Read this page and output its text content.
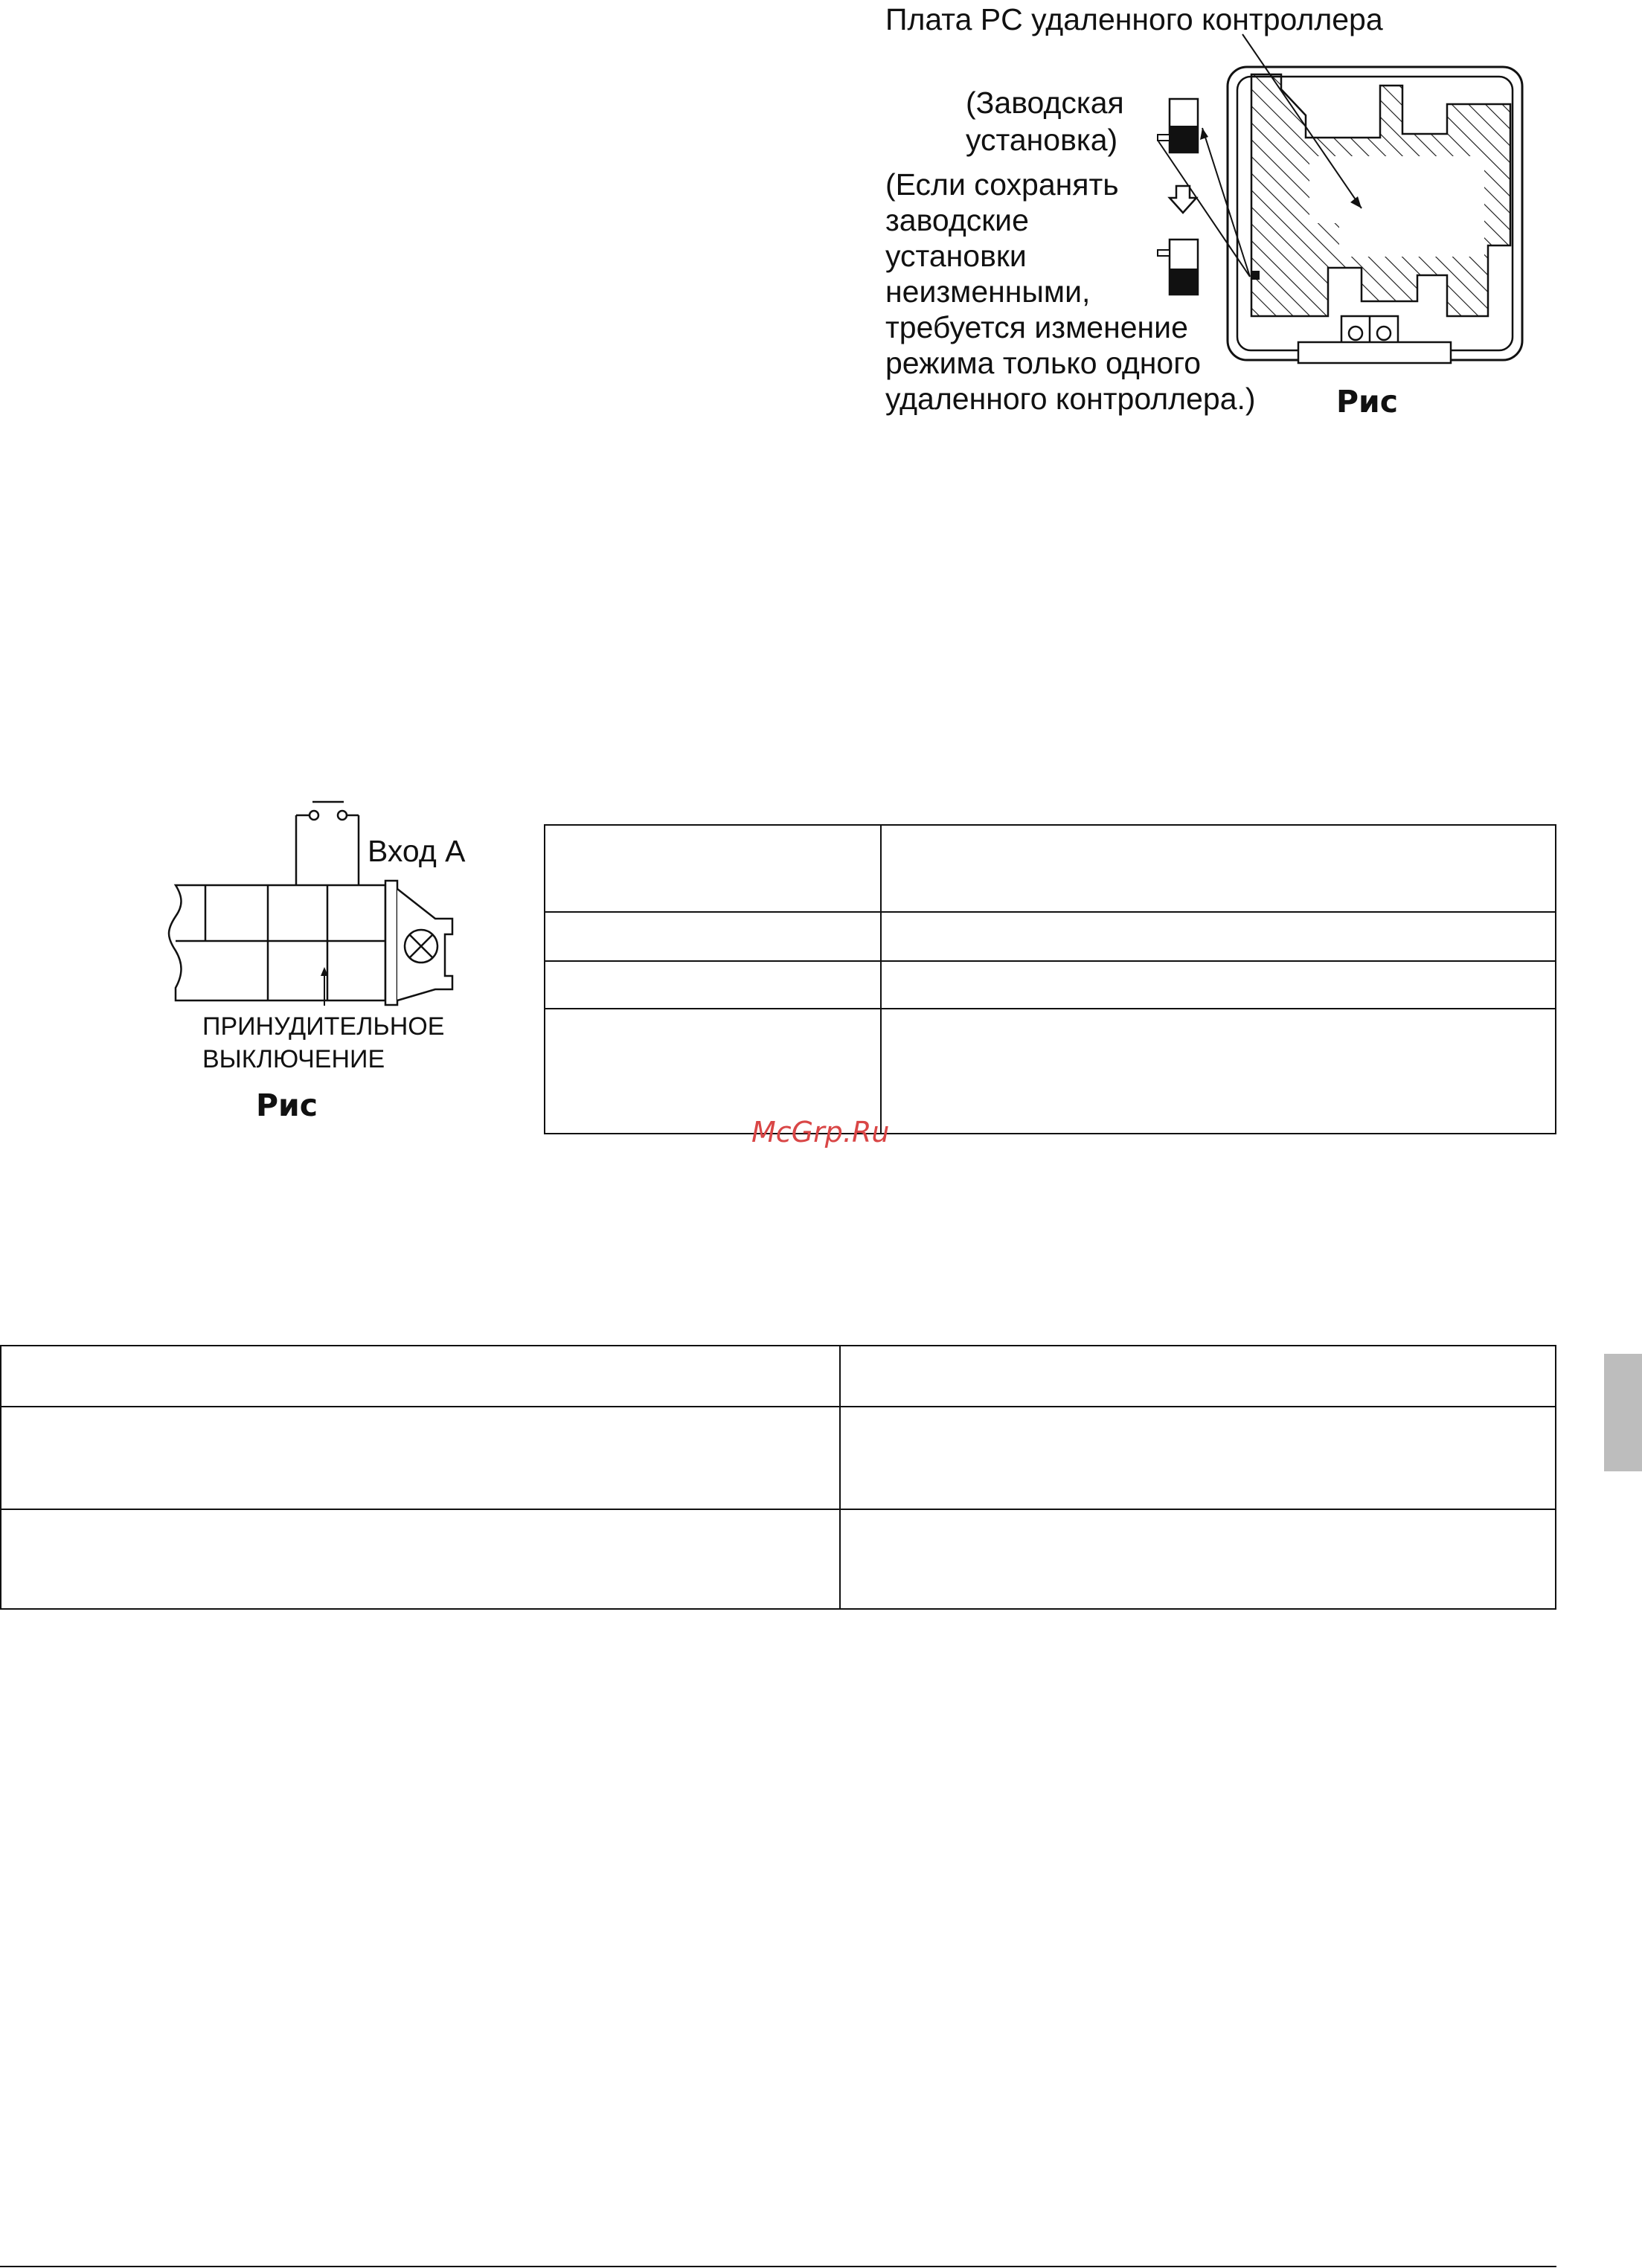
Плата PC удаленного контроллера
(Заводская
установка)
(Если сохранять
заводские
установки
неизменными,
требуется изменение
режима только одного
удаленного контроллера.)	Рис
Вход A
ПРИНУДИТЕЛЬНОЕ
ВЫКЛЮЧЕНИЕ
Рис

McGrp.Ru
